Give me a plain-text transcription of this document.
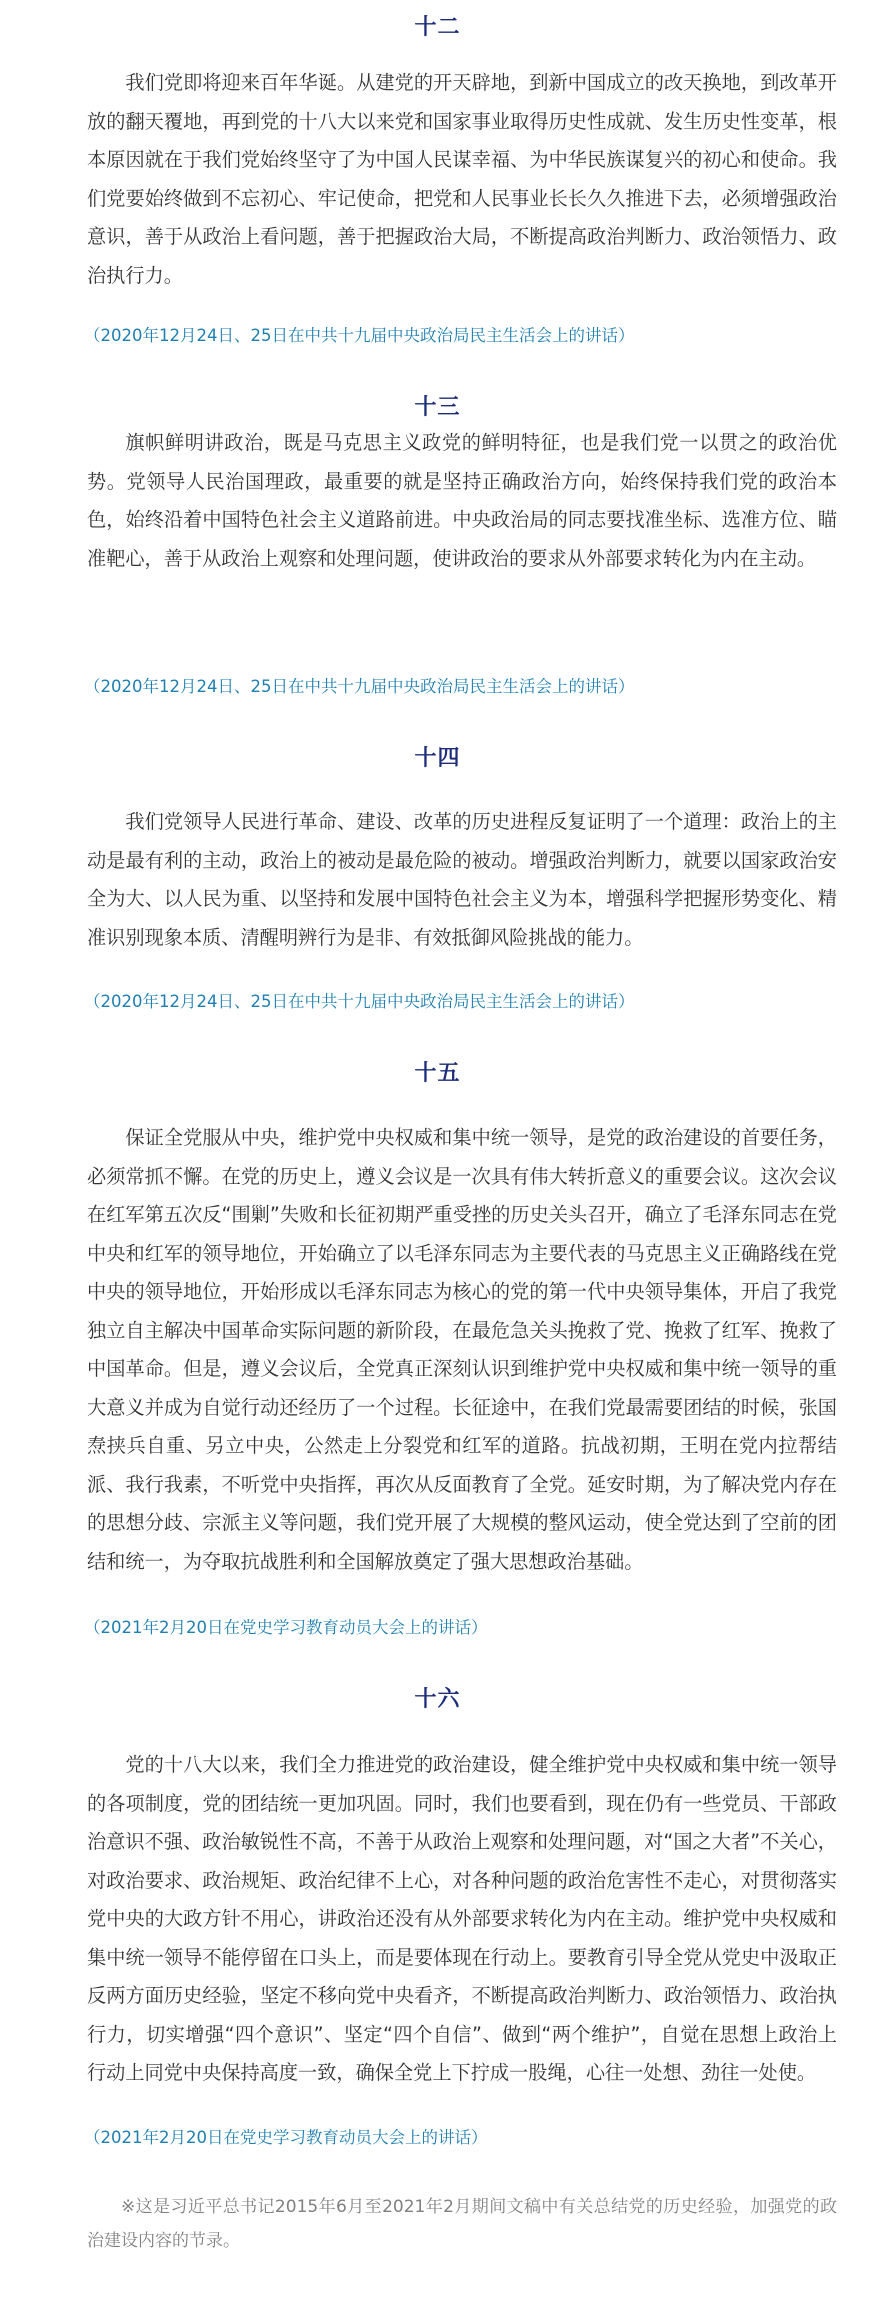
十二

我们党即将迎来百年华诞。从建党的开天辟地，到新中国成立的改天换地，到改革开放的翻天覆地，再到党的十八大以来党和国家事业取得历史性成就、发生历史性变革，根本原因就在于我们党始终坚守了为中国人民谋幸福、为中华民族谋复兴的初心和使命。我们党要始终做到不忘初心、牢记使命，把党和人民事业长长久久推进下去，必须增强政治意识，善于从政治上看问题，善于把握政治大局，不断提高政治判断力、政治领悟力、政治执行力。

（2020年12月24日、25日在中共十九届中央政治局民主生活会上的讲话）
十三

旗帜鲜明讲政治，既是马克思主义政党的鲜明特征，也是我们党一以贯之的政治优势。党领导人民治国理政，最重要的就是坚持正确政治方向，始终保持我们党的政治本色，始终沿着中国特色社会主义道路前进。中央政治局的同志要找准坐标、选准方位、瞄准靶心，善于从政治上观察和处理问题，使讲政治的要求从外部要求转化为内在主动。

（2020年12月24日、25日在中共十九届中央政治局民主生活会上的讲话）
十四

我们党领导人民进行革命、建设、改革的历史进程反复证明了一个道理：政治上的主动是最有利的主动，政治上的被动是最危险的被动。增强政治判断力，就要以国家政治安全为大、以人民为重、以坚持和发展中国特色社会主义为本，增强科学把握形势变化、精准识别现象本质、清醒明辨行为是非、有效抵御风险挑战的能力。

（2020年12月24日、25日在中共十九届中央政治局民主生活会上的讲话）
十五

保证全党服从中央，维护党中央权威和集中统一领导，是党的政治建设的首要任务，必须常抓不懈。在党的历史上，遵义会议是一次具有伟大转折意义的重要会议。这次会议在红军第五次反“围剿”失败和长征初期严重受挫的历史关头召开，确立了毛泽东同志在党中央和红军的领导地位，开始确立了以毛泽东同志为主要代表的马克思主义正确路线在党中央的领导地位，开始形成以毛泽东同志为核心的党的第一代中央领导集体，开启了我党独立自主解决中国革命实际问题的新阶段，在最危急关头挽救了党、挽救了红军、挽救了中国革命。但是，遵义会议后，全党真正深刻认识到维护党中央权威和集中统一领导的重大意义并成为自觉行动还经历了一个过程。长征途中，在我们党最需要团结的时候，张国焘挟兵自重、另立中央，公然走上分裂党和红军的道路。抗战初期，王明在党内拉帮结派、我行我素，不听党中央指挥，再次从反面教育了全党。延安时期，为了解决党内存在的思想分歧、宗派主义等问题，我们党开展了大规模的整风运动，使全党达到了空前的团结和统一，为夺取抗战胜利和全国解放奠定了强大思想政治基础。

（2021年2月20日在党史学习教育动员大会上的讲话）
十六

党的十八大以来，我们全力推进党的政治建设，健全维护党中央权威和集中统一领导的各项制度，党的团结统一更加巩固。同时，我们也要看到，现在仍有一些党员、干部政治意识不强、政治敏锐性不高，不善于从政治上观察和处理问题，对“国之大者”不关心，对政治要求、政治规矩、政治纪律不上心，对各种问题的政治危害性不走心，对贯彻落实党中央的大政方针不用心，讲政治还没有从外部要求转化为内在主动。维护党中央权威和集中统一领导不能停留在口头上，而是要体现在行动上。要教育引导全党从党史中汲取正反两方面历史经验，坚定不移向党中央看齐，不断提高政治判断力、政治领悟力、政治执行力，切实增强“四个意识”、坚定“四个自信”、做到“两个维护”，自觉在思想上政治上行动上同党中央保持高度一致，确保全党上下拧成一股绳，心往一处想、劲往一处使。

（2021年2月20日在党史学习教育动员大会上的讲话）

※这是习近平总书记2015年6月至2021年2月期间文稿中有关总结党的历史经验，加强党的政治建设内容的节录。
